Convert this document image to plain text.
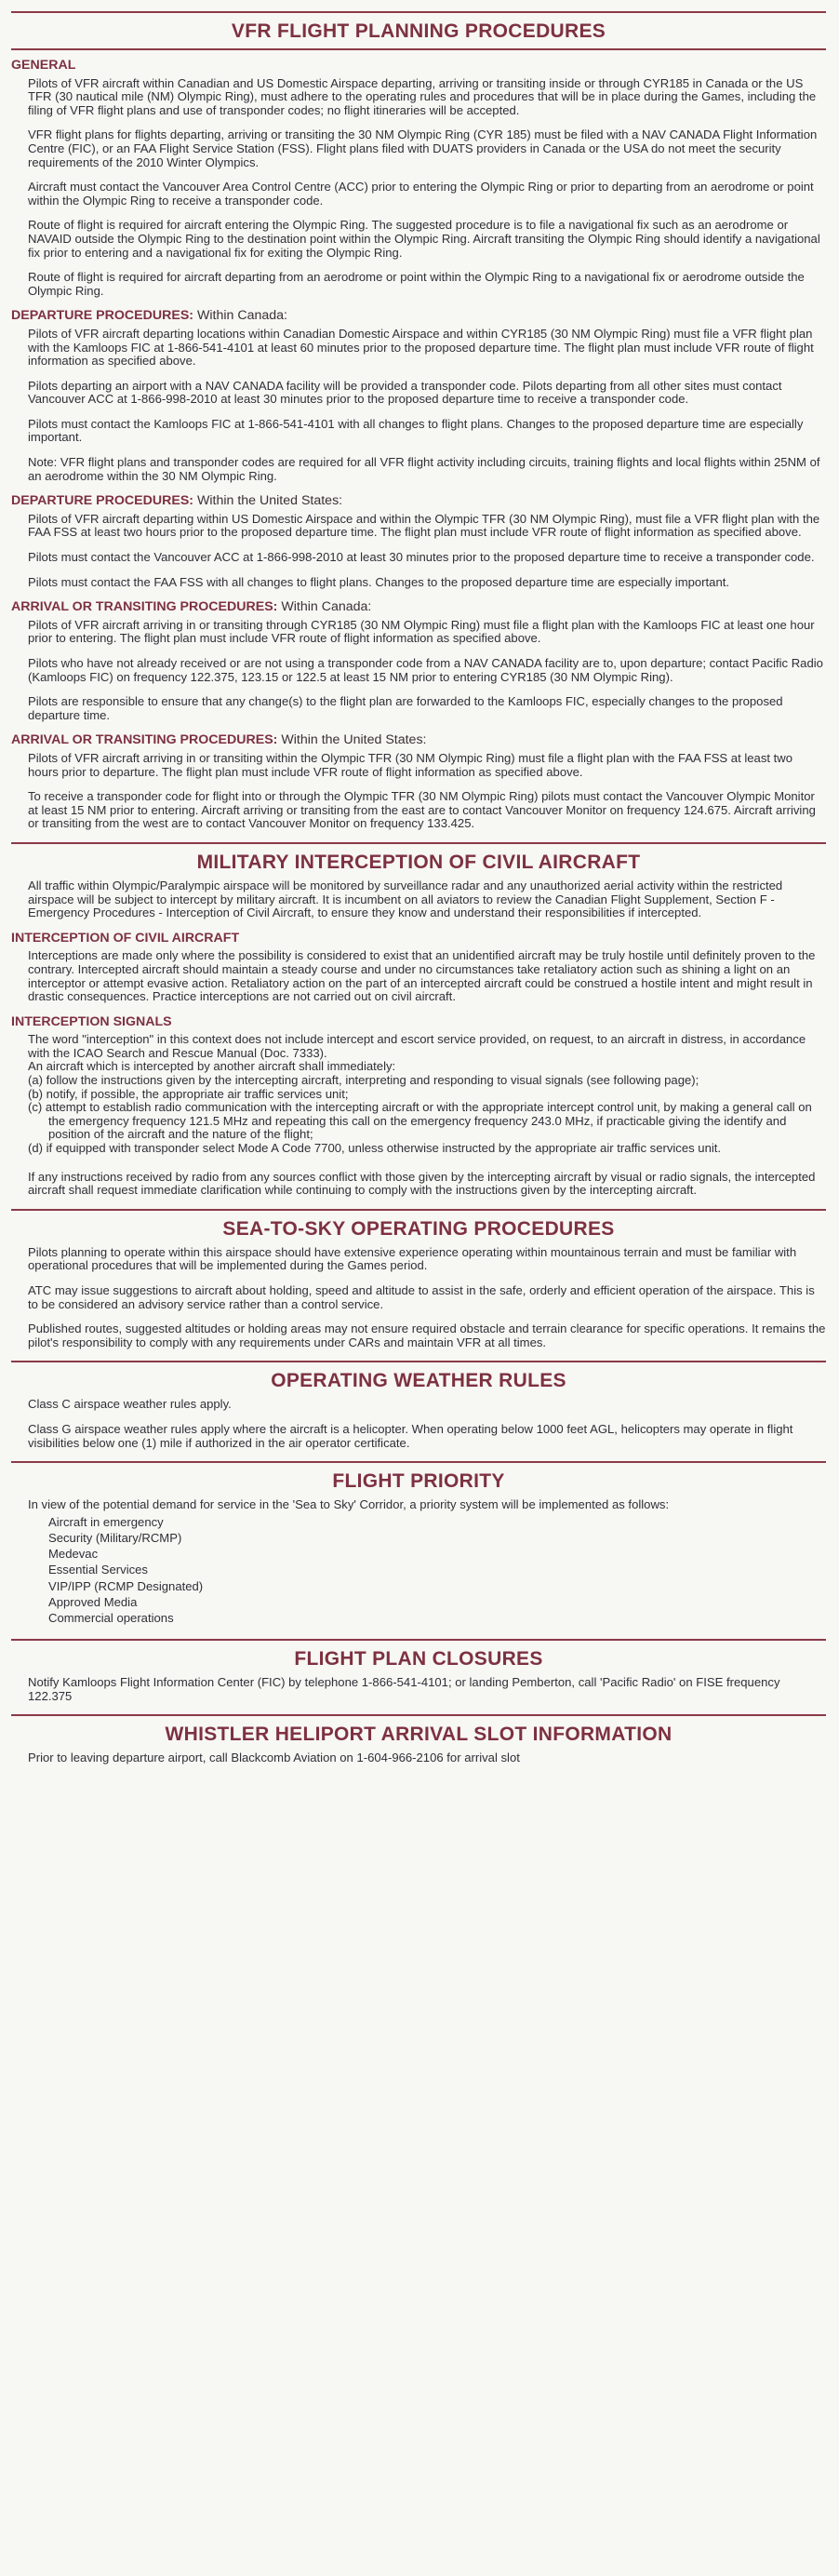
VFR FLIGHT PLANNING PROCEDURES
GENERAL

Pilots of VFR aircraft within Canadian and US Domestic Airspace departing, arriving or transiting inside or through CYR185 in Canada or the US TFR (30 nautical mile (NM) Olympic Ring), must adhere to the operating rules and procedures that will be in place during the Games, including the filing of VFR flight plans and use of transponder codes; no flight itineraries will be accepted.

VFR flight plans for flights departing, arriving or transiting the 30 NM Olympic Ring (CYR 185) must be filed with a NAV CANADA Flight Information Centre (FIC), or an FAA Flight Service Station (FSS). Flight plans filed with DUATS providers in Canada or the USA do not meet the security requirements of the 2010 Winter Olympics.

Aircraft must contact the Vancouver Area Control Centre (ACC) prior to entering the Olympic Ring or prior to departing from an aerodrome or point within the Olympic Ring to receive a transponder code.

Route of flight is required for aircraft entering the Olympic Ring. The suggested procedure is to file a navigational fix such as an aerodrome or NAVAID outside the Olympic Ring to the destination point within the Olympic Ring. Aircraft transiting the Olympic Ring should identify a navigational fix prior to entering and a navigational fix for exiting the Olympic Ring.

Route of flight is required for aircraft departing from an aerodrome or point within the Olympic Ring to a navigational fix or aerodrome outside the Olympic Ring.

DEPARTURE PROCEDURES: Within Canada:

Pilots of VFR aircraft departing locations within Canadian Domestic Airspace and within CYR185 (30 NM Olympic Ring) must file a VFR flight plan with the Kamloops FIC at 1-866-541-4101 at least 60 minutes prior to the proposed departure time. The flight plan must include VFR route of flight information as specified above.

Pilots departing an airport with a NAV CANADA facility will be provided a transponder code. Pilots departing from all other sites must contact Vancouver ACC at 1-866-998-2010 at least 30 minutes prior to the proposed departure time to receive a transponder code.

Pilots must contact the Kamloops FIC at 1-866-541-4101 with all changes to flight plans. Changes to the proposed departure time are especially important.

Note: VFR flight plans and transponder codes are required for all VFR flight activity including circuits, training flights and local flights within 25NM of an aerodrome within the 30 NM Olympic Ring.

DEPARTURE PROCEDURES: Within the United States:

Pilots of VFR aircraft departing within US Domestic Airspace and within the Olympic TFR (30 NM Olympic Ring), must file a VFR flight plan with the FAA FSS at least two hours prior to the proposed departure time. The flight plan must include VFR route of flight information as specified above.

Pilots must contact the Vancouver ACC at 1-866-998-2010 at least 30 minutes prior to the proposed departure time to receive a transponder code.

Pilots must contact the FAA FSS with all changes to flight plans. Changes to the proposed departure time are especially important.

ARRIVAL OR TRANSITING PROCEDURES: Within Canada:

Pilots of VFR aircraft arriving in or transiting through CYR185 (30 NM Olympic Ring) must file a flight plan with the Kamloops FIC at least one hour prior to entering. The flight plan must include VFR route of flight information as specified above.

Pilots who have not already received or are not using a transponder code from a NAV CANADA facility are to, upon departure; contact Pacific Radio (Kamloops FIC) on frequency 122.375, 123.15 or 122.5 at least 15 NM prior to entering CYR185 (30 NM Olympic Ring).

Pilots are responsible to ensure that any change(s) to the flight plan are forwarded to the Kamloops FIC, especially changes to the proposed departure time.

ARRIVAL OR TRANSITING PROCEDURES: Within the United States:

Pilots of VFR aircraft arriving in or transiting within the Olympic TFR (30 NM Olympic Ring) must file a flight plan with the FAA FSS at least two hours prior to departure. The flight plan must include VFR route of flight information as specified above.

To receive a transponder code for flight into or through the Olympic TFR (30 NM Olympic Ring) pilots must contact the Vancouver Olympic Monitor at least 15 NM prior to entering. Aircraft arriving or transiting from the east are to contact Vancouver Monitor on frequency 124.675. Aircraft arriving or transiting from the west are to contact Vancouver Monitor on frequency 133.425.

MILITARY INTERCEPTION OF CIVIL AIRCRAFT

All traffic within Olympic/Paralympic airspace will be monitored by surveillance radar and any unauthorized aerial activity within the restricted airspace will be subject to intercept by military aircraft. It is incumbent on all aviators to review the Canadian Flight Supplement, Section F - Emergency Procedures - Interception of Civil Aircraft, to ensure they know and understand their responsibilities if intercepted.

INTERCEPTION OF CIVIL AIRCRAFT

Interceptions are made only where the possibility is considered to exist that an unidentified aircraft may be truly hostile until definitely proven to the contrary. Intercepted aircraft should maintain a steady course and under no circumstances take retaliatory action such as shining a light on an interceptor or attempt evasive action. Retaliatory action on the part of an intercepted aircraft could be construed a hostile intent and might result in drastic consequences. Practice interceptions are not carried out on civil aircraft.

INTERCEPTION SIGNALS
The word "interception" in this context does not include intercept and escort service provided, on request, to an aircraft in distress, in accordance with the ICAO Search and Rescue Manual (Doc. 7333).
An aircraft which is intercepted by another aircraft shall immediately:
(a) follow the instructions given by the intercepting aircraft, interpreting and responding to visual signals (see following page);
(b) notify, if possible, the appropriate air traffic services unit;
(c) attempt to establish radio communication with the intercepting aircraft or with the appropriate intercept control unit, by making a general call on the emergency frequency 121.5 MHz and repeating this call on the emergency frequency 243.0 MHz, if practicable giving the identify and position of the aircraft and the nature of the flight;
(d) if equipped with transponder select Mode A Code 7700, unless otherwise instructed by the appropriate air traffic services unit.

If any instructions received by radio from any sources conflict with those given by the intercepting aircraft by visual or radio signals, the intercepted aircraft shall request immediate clarification while continuing to comply with the instructions given by the intercepting aircraft.

SEA-TO-SKY OPERATING PROCEDURES

Pilots planning to operate within this airspace should have extensive experience operating within mountainous terrain and must be familiar with operational procedures that will be implemented during the Games period.

ATC may issue suggestions to aircraft about holding, speed and altitude to assist in the safe, orderly and efficient operation of the airspace. This is to be considered an advisory service rather than a control service.

Published routes, suggested altitudes or holding areas may not ensure required obstacle and terrain clearance for specific operations. It remains the pilot's responsibility to comply with any requirements under CARs and maintain VFR at all times.

OPERATING WEATHER RULES

Class C airspace weather rules apply.

Class G airspace weather rules apply where the aircraft is a helicopter. When operating below 1000 feet AGL, helicopters may operate in flight visibilities below one (1) mile if authorized in the air operator certificate.

FLIGHT PRIORITY
In view of the potential demand for service in the 'Sea to Sky' Corridor, a priority system will be implemented as follows:
Aircraft in emergency
Security (Military/RCMP)
Medevac
Essential Services
VIP/IPP (RCMP Designated)
Approved Media
Commercial operations
FLIGHT PLAN CLOSURES

Notify Kamloops Flight Information Center (FIC) by telephone 1-866-541-4101; or landing Pemberton, call 'Pacific Radio' on FISE frequency 122.375

WHISTLER HELIPORT ARRIVAL SLOT INFORMATION

Prior to leaving departure airport, call Blackcomb Aviation on 1-604-966-2106 for arrival slot
